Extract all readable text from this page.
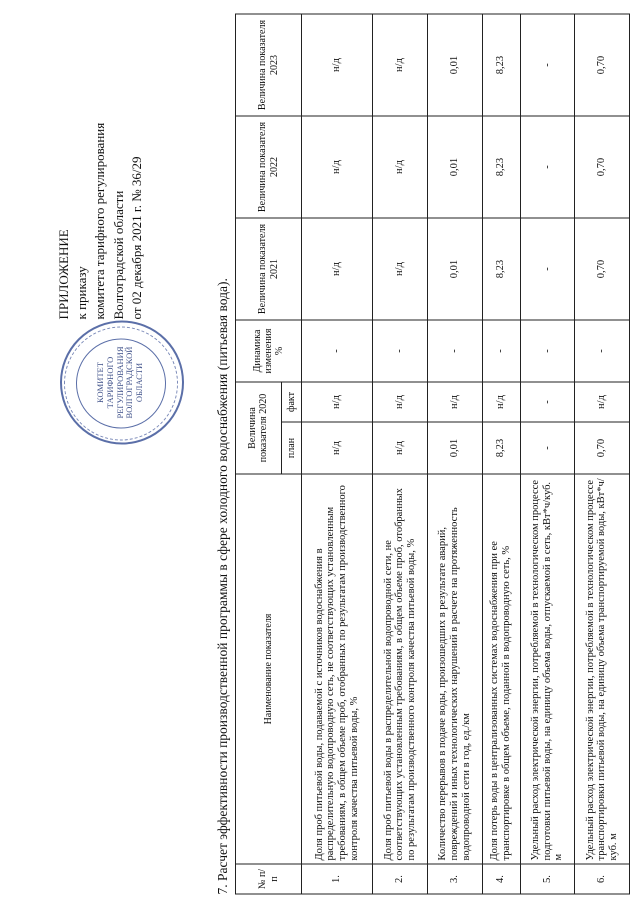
КОМИТЕТ ТАРИФНОГО РЕГУЛИРОВАНИЯ ВОЛГОГРАДСКОЙ ОБЛАСТИ
ПРИЛОЖЕНИЕ к приказу комитета тарифного регулирования Волгоградской области от 02 декабря 2021 г. № 36/29
7. Расчет эффективности производственной программы в сфере холодного водоснабжения (питьевая вода).	№ п/п	Наименование показателя	Величина показателя 2020		Динамика изменения %	Величина показателя 2021	Величина показателя 2022	Величина показателя 2023
		план	факт				
1.	Доля проб питьевой воды, подаваемой с источников водоснабжения в распределительную водопроводную сеть, не соответствующих установленным требованиям, в общем объеме проб, отобранных по результатам производственного контроля качества питьевой воды, %	н/д	н/д	-	н/д	н/д	н/д
2.	Доля проб питьевой воды в распределительной водопроводной сети, не соответствующих установленным требованиям, в общем объеме проб, отобранных по результатам производственного контроля качества питьевой воды, %	н/д	н/д	-	н/д	н/д	н/д
3.	Количество перерывов в подаче воды, произошедших в результате аварий, повреждений и иных технологических нарушений в расчете на протяженность водопроводной сети в год, ед./км	0,01	н/д	-	0,01	0,01	0,01
4.	Доля потерь воды в централизованных системах водоснабжения при ее транспортировке в общем объеме, поданной в водопроводную сеть, %	8,23	н/д	-	8,23	8,23	8,23
5.	Удельный расход электрической энергии, потребляемой в технологическом процессе подготовки питьевой воды, на единицу объема воды, отпускаемой в сеть, кВт*ч/куб. м	-	-	-	-	-	-
6.	Удельный расход электрической энергии, потребляемой в технологическом процессе транспортировки питьевой воды, на единицу объема транспортируемой воды, кВт*ч/куб. м	0,70	н/д	-	0,70	0,70	0,70
